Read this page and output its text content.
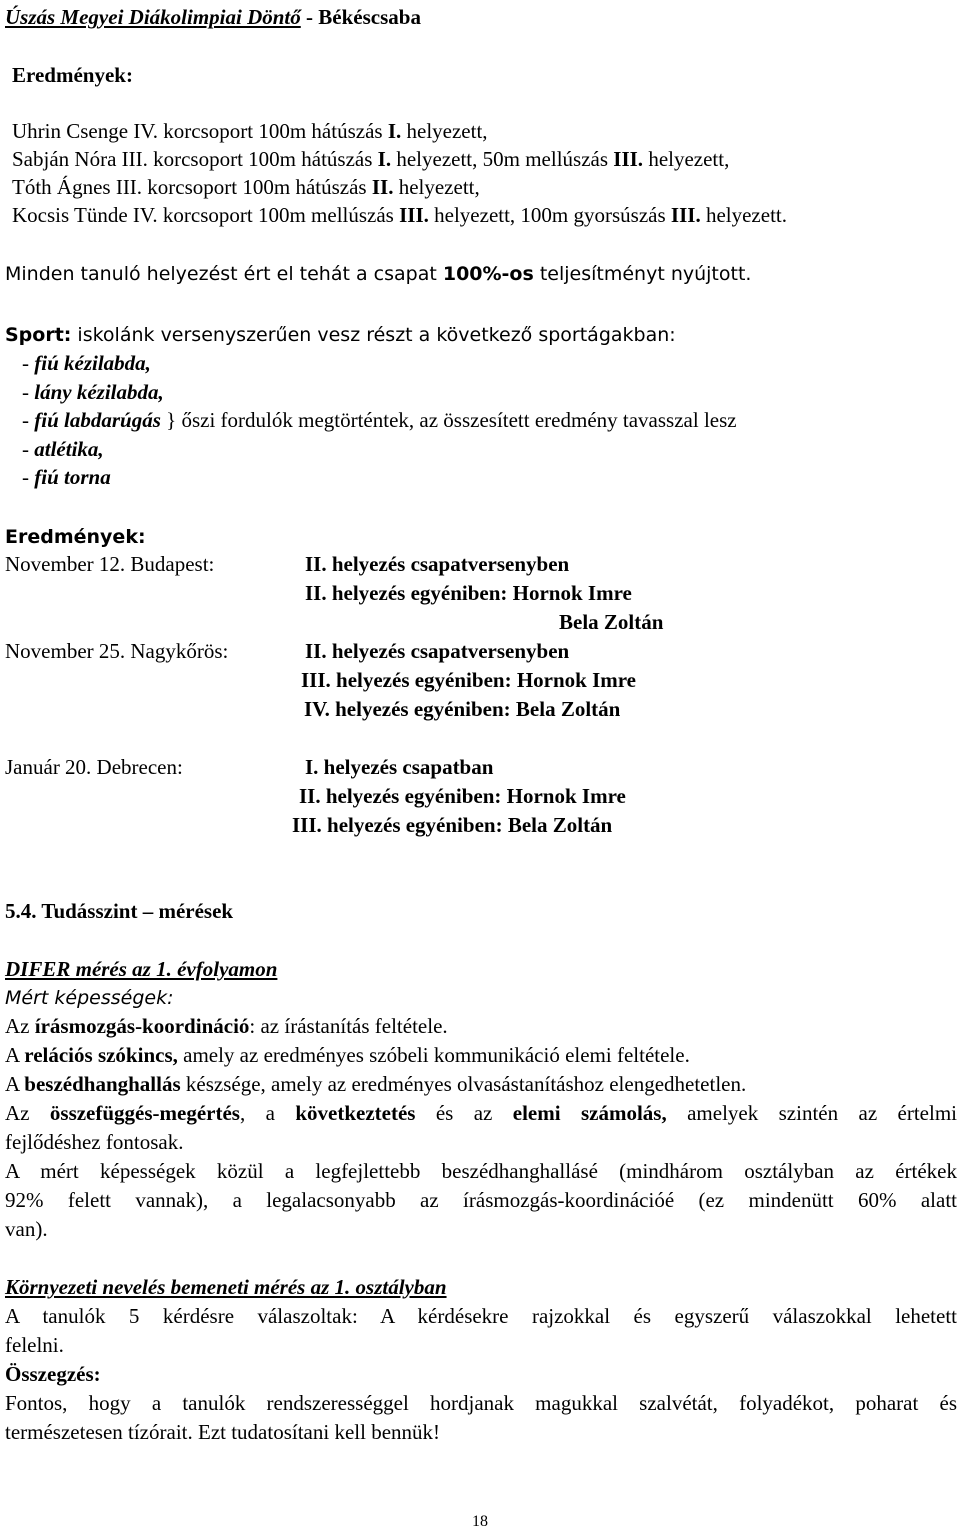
Úszás Megyei Diákolimpiai Döntő - Békéscsaba
Eredmények:
Uhrin Csenge IV. korcsoport 100m hátúszás I. helyezett,
Sabján Nóra III. korcsoport 100m hátúszás I. helyezett, 50m mellúszás III. helyezett,
Tóth Ágnes III. korcsoport 100m hátúszás II. helyezett,
Kocsis Tünde IV. korcsoport 100m mellúszás III. helyezett, 100m gyorsúszás III. helyezett.
Minden tanuló helyezést ért el tehát a csapat 100%-os teljesítményt nyújtott.
Sport: iskolánk versenyszerűen vesz részt a következő sportágakban:
- fiú kézilabda,
- lány kézilabda,
- fiú labdarúgás } őszi fordulók megtörténtek, az összesített eredmény tavasszal lesz
- atlétika,
- fiú torna
Eredmények:
November 12. Budapest:	II. helyezés csapatversenyben
II. helyezés egyéniben: Hornok Imre
Bela Zoltán
November 25. Nagykőrös:	II. helyezés csapatversenyben
III. helyezés egyéniben: Hornok Imre
IV. helyezés egyéniben: Bela Zoltán
Január 20. Debrecen:	I. helyezés csapatban
II. helyezés egyéniben: Hornok Imre
III. helyezés egyéniben: Bela Zoltán
5.4. Tudásszint – mérések
DIFER mérés az 1. évfolyamon
Mért képességek:
Az írásmozgás-koordináció: az írástanítás feltétele.
A relációs szókincs, amely az eredményes szóbeli kommunikáció elemi feltétele.
A beszédhanghallás készsége, amely az eredményes olvasástanításhoz elengedhetetlen.
Az összefüggés-megértés, a következtetés és az elemi számolás, amelyek szintén az értelmi
fejlődéshez fontosak.
A mért képességek közül a legfejlettebb beszédhanghallásé (mindhárom osztályban az értékek
92% felett vannak), a legalacsonyabb az írásmozgás-koordinációé (ez mindenütt 60% alatt
van).
Környezeti nevelés bemeneti mérés az 1. osztályban
A tanulók 5 kérdésre válaszoltak: A kérdésekre rajzokkal és egyszerű válaszokkal lehetett
felelni.
Összegzés:
Fontos, hogy a tanulók rendszerességgel hordjanak magukkal szalvétát, folyadékot, poharat és
természetesen tízórait. Ezt tudatosítani kell bennük!
18
